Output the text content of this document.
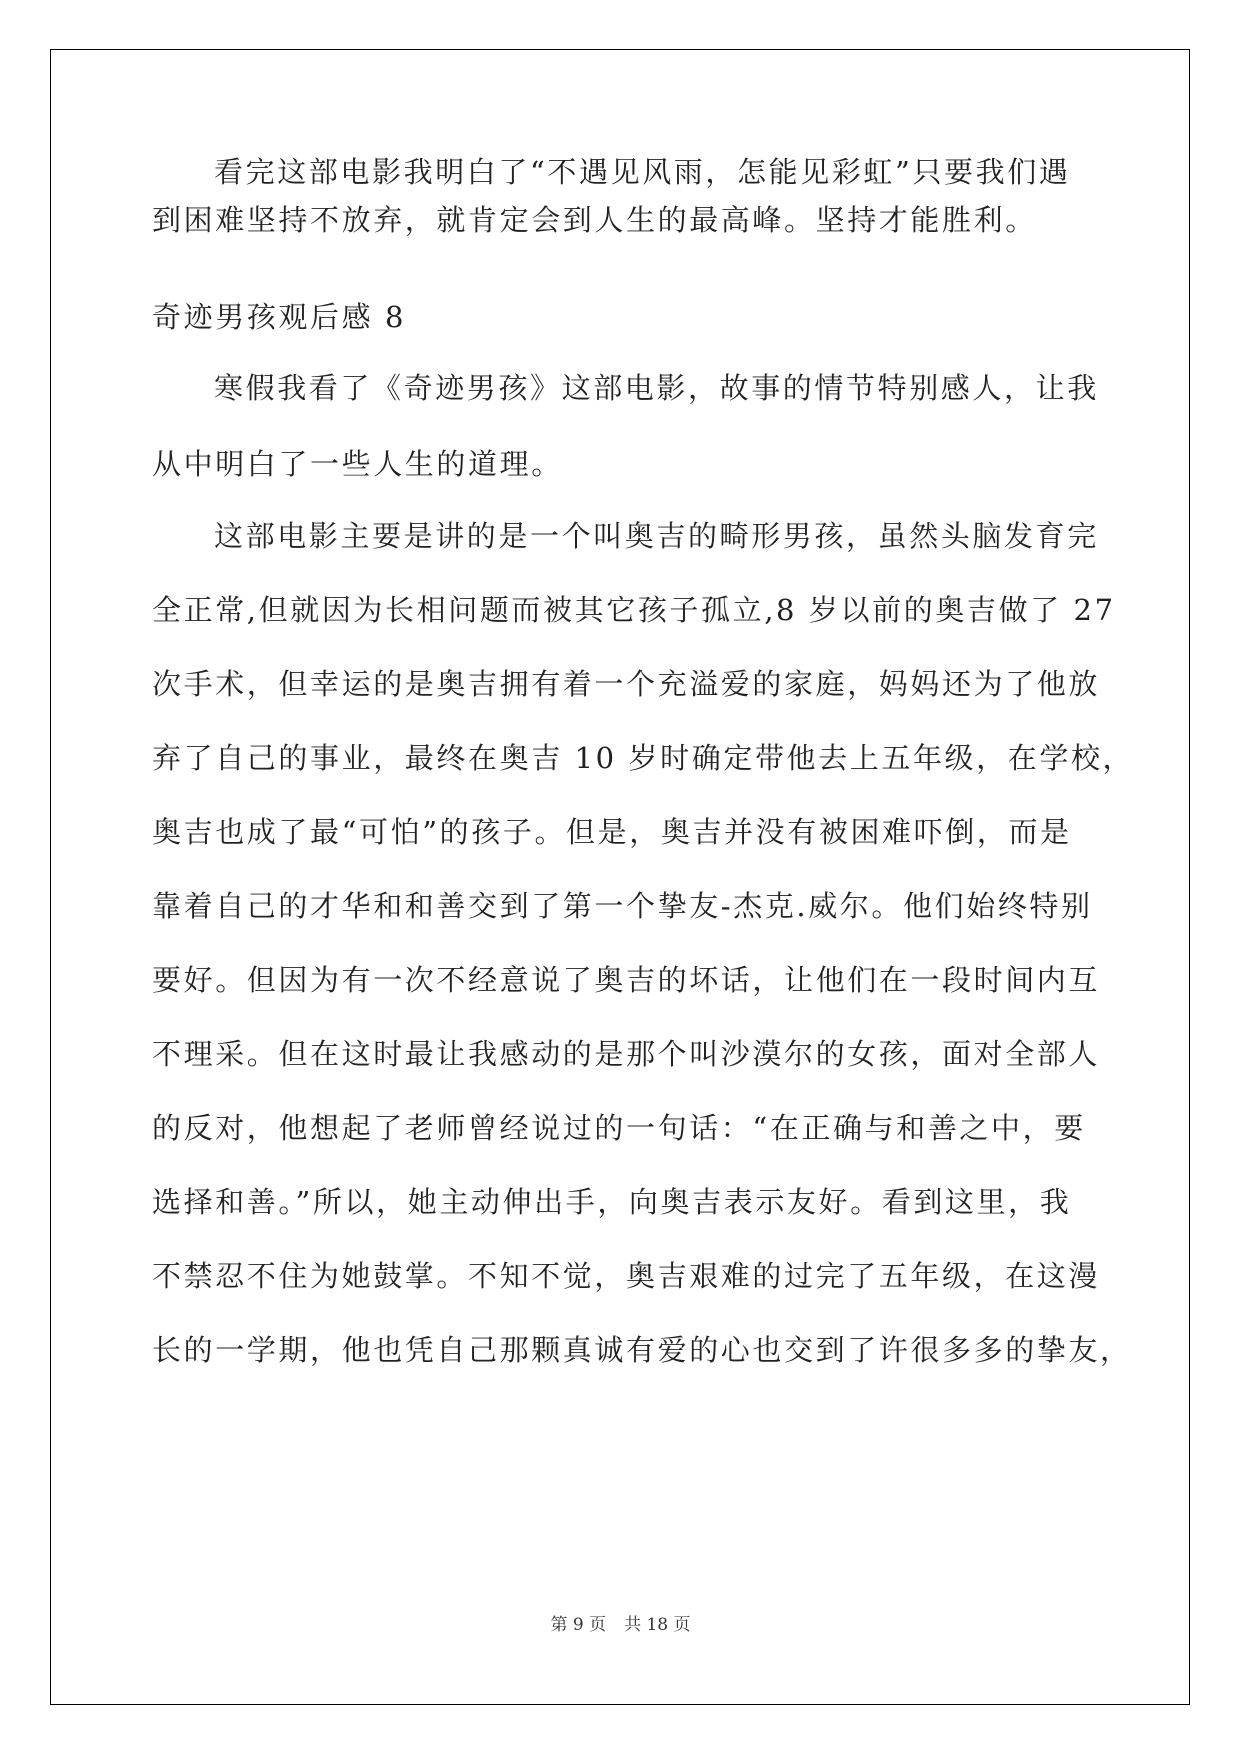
看完这部电影我明白了“不遇见风雨，怎能见彩虹”只要我们遇
到困难坚持不放弃，就肯定会到人生的最高峰。坚持才能胜利。
奇迹男孩观后感 8
寒假我看了《奇迹男孩》这部电影，故事的情节特别感人，让我
从中明白了一些人生的道理。
这部电影主要是讲的是一个叫奥吉的畸形男孩，虽然头脑发育完
全正常,但就因为长相问题而被其它孩子孤立,8 岁以前的奥吉做了 27
次手术，但幸运的是奥吉拥有着一个充溢爱的家庭，妈妈还为了他放
弃了自己的事业，最终在奥吉 10 岁时确定带他去上五年级，在学校，
奥吉也成了最“可怕”的孩子。但是，奥吉并没有被困难吓倒，而是
靠着自己的才华和和善交到了第一个挚友-杰克.威尔。他们始终特别
要好。但因为有一次不经意说了奥吉的坏话，让他们在一段时间内互
不理采。但在这时最让我感动的是那个叫沙漠尔的女孩，面对全部人
的反对，他想起了老师曾经说过的一句话：“在正确与和善之中，要
选择和善。”所以，她主动伸出手，向奥吉表示友好。看到这里，我
不禁忍不住为她鼓掌。不知不觉，奥吉艰难的过完了五年级，在这漫
长的一学期，他也凭自己那颗真诚有爱的心也交到了许很多多的挚友，
第 9 页 共 18 页
